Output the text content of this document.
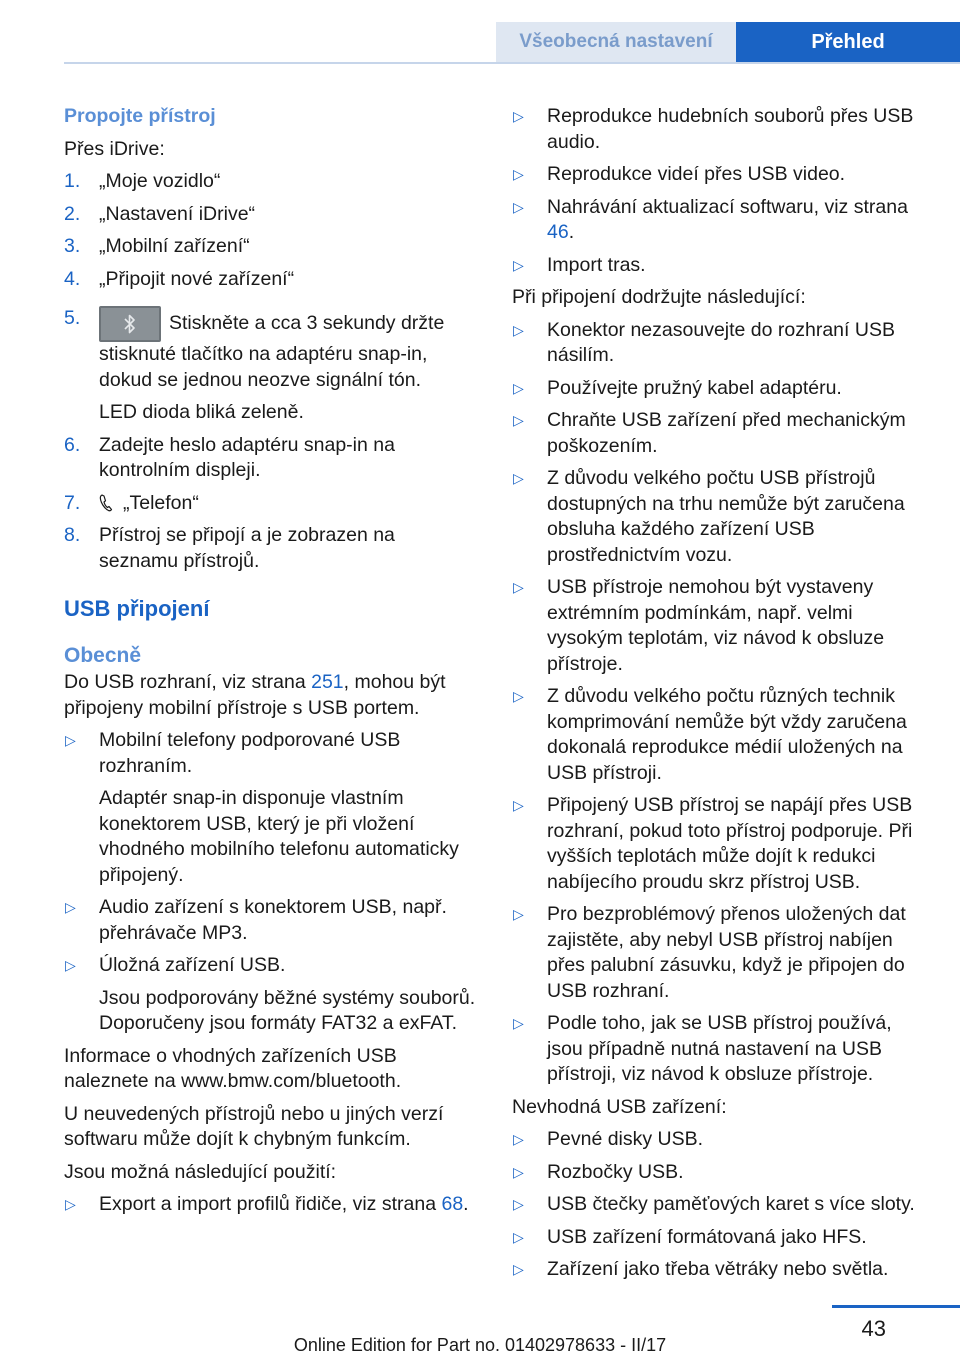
Všeobecná nastavení	Přehled

Propojte přístroj

Přes iDrive:

1. „Moje vozidlo“
2. „Nastavení iDrive“
3. „Mobilní zařízení“
4. „Připojit nové zařízení“
5.	Stiskněte a cca 3 sekundy držte stisknuté tlačítko na adaptéru snap-in, dokud se jednou neozve signální tón.

LED dioda bliká zeleně.

6. Zadejte heslo adaptéru snap-in na kontrolním displeji.
7. „Telefon“
8. Přístroj se připojí a je zobrazen na seznamu přístrojů.

USB připojení

Obecně

Do USB rozhraní, viz strana 251, mohou být připojeny mobilní přístroje s USB portem.

▷ Mobilní telefony podporované USB rozhraním.

Adaptér snap-in disponuje vlastním konektorem USB, který je při vložení vhodného mobilního telefonu automaticky připojený.

▷ Audio zařízení s konektorem USB, např. přehrávače MP3.
▷ Úložná zařízení USB.

Jsou podporovány běžné systémy souborů. Doporučeny jsou formáty FAT32 a exFAT.

Informace o vhodných zařízeních USB naleznete na www.bmw.com/bluetooth.

U neuvedených přístrojů nebo u jiných verzí softwaru může dojít k chybným funkcím.

Jsou možná následující použití:

▷ Export a import profilů řidiče, viz strana 68.
▷ Reprodukce hudebních souborů přes USB audio.
▷ Reprodukce videí přes USB video.
▷ Nahrávání aktualizací softwaru, viz strana 46.
▷ Import tras.

Při připojení dodržujte následující:

▷ Konektor nezasouvejte do rozhraní USB násilím.
▷ Používejte pružný kabel adaptéru.
▷ Chraňte USB zařízení před mechanickým poškozením.
▷ Z důvodu velkého počtu USB přístrojů dostupných na trhu nemůže být zaručena obsluha každého zařízení USB prostřednictvím vozu.
▷ USB přístroje nemohou být vystaveny extrémním podmínkám, např. velmi vysokým teplotám, viz návod k obsluze přístroje.
▷ Z důvodu velkého počtu různých technik komprimování nemůže být vždy zaručena dokonalá reprodukce médií uložených na USB přístroji.
▷ Připojený USB přístroj se napájí přes USB rozhraní, pokud toto přístroj podporuje. Při vyšších teplotách může dojít k redukci nabíjecího proudu skrz přístroj USB.
▷ Pro bezproblémový přenos uložených dat zajistěte, aby nebyl USB přístroj nabíjen přes palubní zásuvku, když je připojen do USB rozhraní.
▷ Podle toho, jak se USB přístroj používá, jsou případně nutná nastavení na USB přístroji, viz návod k obsluze přístroje.

Nevhodná USB zařízení:

▷ Pevné disky USB.
▷ Rozbočky USB.
▷ USB čtečky paměťových karet s více sloty.
▷ USB zařízení formátovaná jako HFS.
▷ Zařízení jako třeba větráky nebo světla.
43
Online Edition for Part no. 01402978633 - II/17
